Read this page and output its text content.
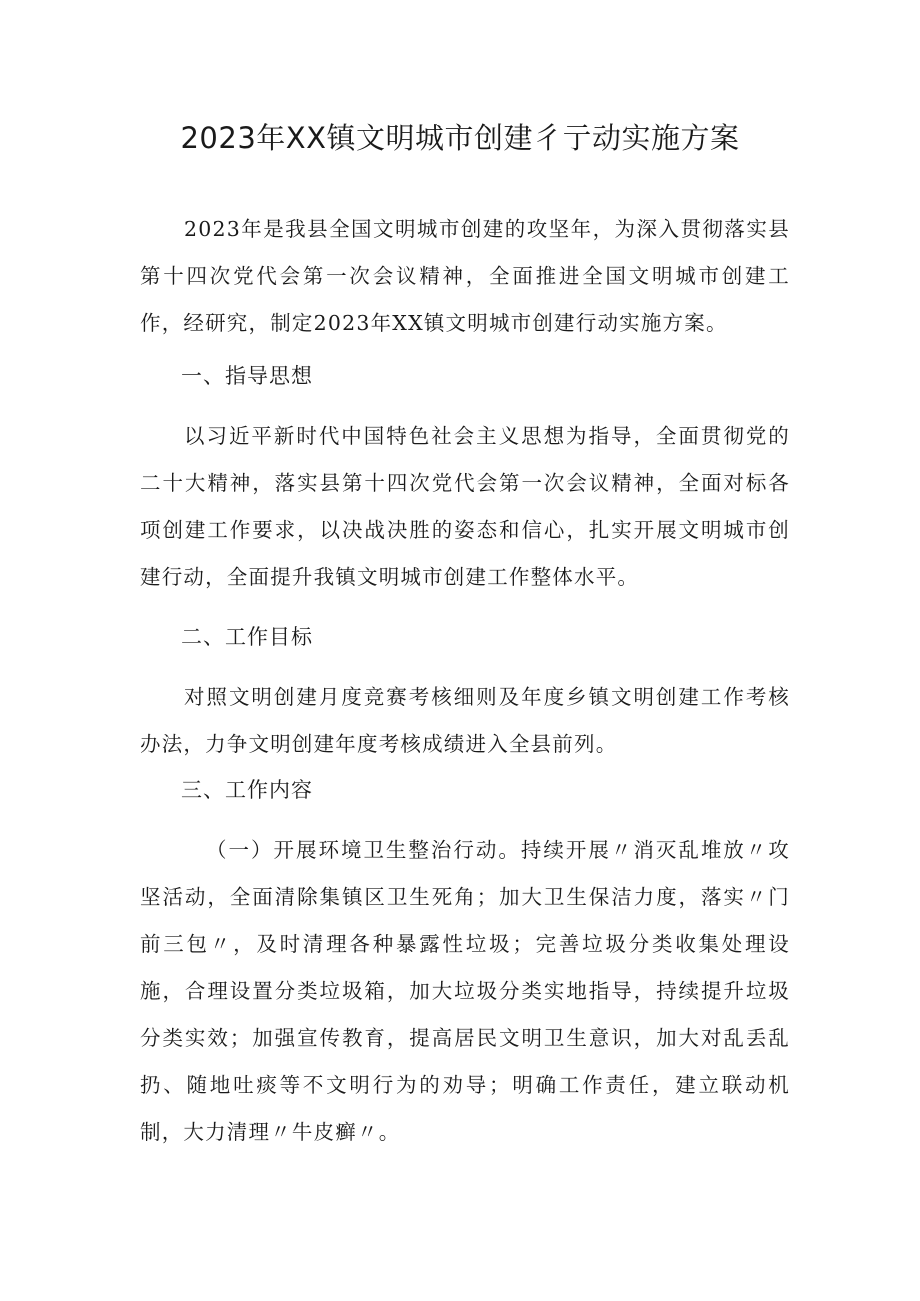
2023年XX镇文明城市创建彳亍动实施方案

2023年是我县全国文明城市创建的攻坚年，为深入贯彻落实县第十四次党代会第一次会议精神，全面推进全国文明城市创建工作，经研究，制定2023年XX镇文明城市创建行动实施方案。

一、指导思想

以习近平新时代中国特色社会主义思想为指导，全面贯彻党的二十大精神，落实县第十四次党代会第一次会议精神，全面对标各项创建工作要求，以决战决胜的姿态和信心，扎实开展文明城市创建行动，全面提升我镇文明城市创建工作整体水平。

二、工作目标

对照文明创建月度竞赛考核细则及年度乡镇文明创建工作考核办法，力争文明创建年度考核成绩进入全县前列。

三、工作内容

（一）开展环境卫生整治行动。持续开展〃消灭乱堆放〃攻坚活动，全面清除集镇区卫生死角；加大卫生保洁力度，落实〃门前三包〃，及时清理各种暴露性垃圾；完善垃圾分类收集处理设施，合理设置分类垃圾箱，加大垃圾分类实地指导，持续提升垃圾分类实效；加强宣传教育，提高居民文明卫生意识，加大对乱丢乱扔、随地吐痰等不文明行为的劝导；明确工作责任，建立联动机制，大力清理〃牛皮癣〃。
